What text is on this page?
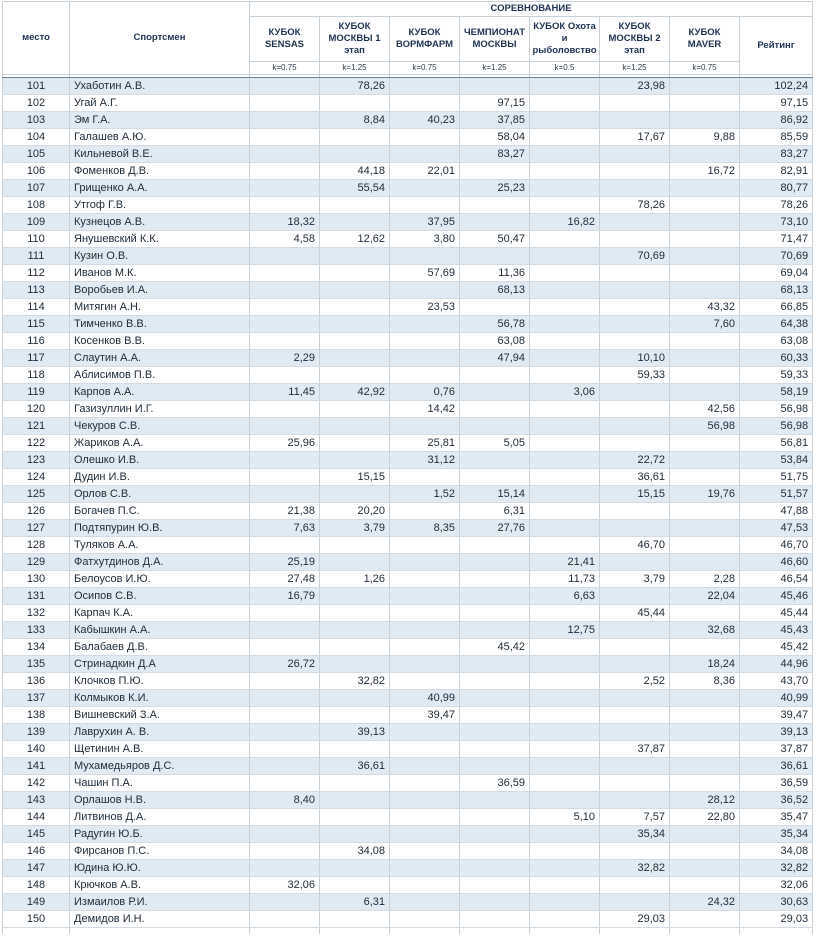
место	Спортсмен	СОРЕВНОВАНИЕ							
		КУБОК SENSAS	КУБОК МОСКВЫ 1 этап	КУБОК ВОРМФАРМ	ЧЕМПИОНАТ МОСКВЫ	КУБОК Охота и рыболовство	КУБОК МОСКВЫ 2 этап	КУБОК MAVER	Рейтинг
		k=0.75	k=1.25	k=0.75	k=1.25	k=0.5	k=1.25	k=0.75	

101	Ухаботин А.В.		78,26				23,98		102,24
102	Угай А.Г.				97,15				97,15
103	Эм Г.А.		8,84	40,23	37,85				86,92
104	Галашев А.Ю.				58,04		17,67	9,88	85,59
105	Кильневой В.Е.				83,27				83,27
106	Фоменков Д.В.		44,18	22,01				16,72	82,91
107	Грищенко А.А.		55,54		25,23				80,77
108	Утгоф Г.В.						78,26		78,26
109	Кузнецов А.В.	18,32		37,95		16,82			73,10
110	Янушевский К.К.	4,58	12,62	3,80	50,47				71,47
111	Кузин О.В.						70,69		70,69
112	Иванов М.К.			57,69	11,36				69,04
113	Воробьев И.А.				68,13				68,13
114	Митягин А.Н.			23,53				43,32	66,85
115	Тимченко В.В.				56,78			7,60	64,38
116	Косенков В.В.				63,08				63,08
117	Слаутин А.А.	2,29			47,94		10,10		60,33
118	Аблисимов П.В.						59,33		59,33
119	Карпов А.А.	11,45	42,92	0,76		3,06			58,19
120	Газизуллин И.Г.			14,42				42,56	56,98
121	Чекуров С.В.							56,98	56,98
122	Жариков А.А.	25,96		25,81	5,05				56,81
123	Олешко И.В.			31,12			22,72		53,84
124	Дудин И.В.		15,15				36,61		51,75
125	Орлов С.В.			1,52	15,14		15,15	19,76	51,57
126	Богачев П.С.	21,38	20,20		6,31				47,88
127	Подтяпурин Ю.В.	7,63	3,79	8,35	27,76				47,53
128	Туляков А.А.						46,70		46,70
129	Фатхутдинов Д.А.	25,19				21,41			46,60
130	Белоусов И.Ю.	27,48	1,26			11,73	3,79	2,28	46,54
131	Осипов С.В.	16,79				6,63		22,04	45,46
132	Карпач К.А.						45,44		45,44
133	Кабышкин А.А.					12,75		32,68	45,43
134	Балабаев Д.В.				45,42				45,42
135	Стринадкин Д.А	26,72						18,24	44,96
136	Клочков П.Ю.		32,82				2,52	8,36	43,70
137	Колмыков К.И.			40,99					40,99
138	Вишневский З.А.			39,47					39,47
139	Лаврухин А. В.		39,13						39,13
140	Щетинин А.В.						37,87		37,87
141	Мухамедьяров Д.С.		36,61						36,61
142	Чашин П.А.				36,59				36,59
143	Орлашов Н.В.	8,40						28,12	36,52
144	Литвинов Д.А.					5,10	7,57	22,80	35,47
145	Радугин Ю.Б.						35,34		35,34
146	Фирсанов П.С.		34,08						34,08
147	Юдина Ю.Ю.						32,82		32,82
148	Крючков А.В.	32,06							32,06
149	Измаилов Р.И.		6,31					24,32	30,63
150	Демидов И.Н.						29,03		29,03
